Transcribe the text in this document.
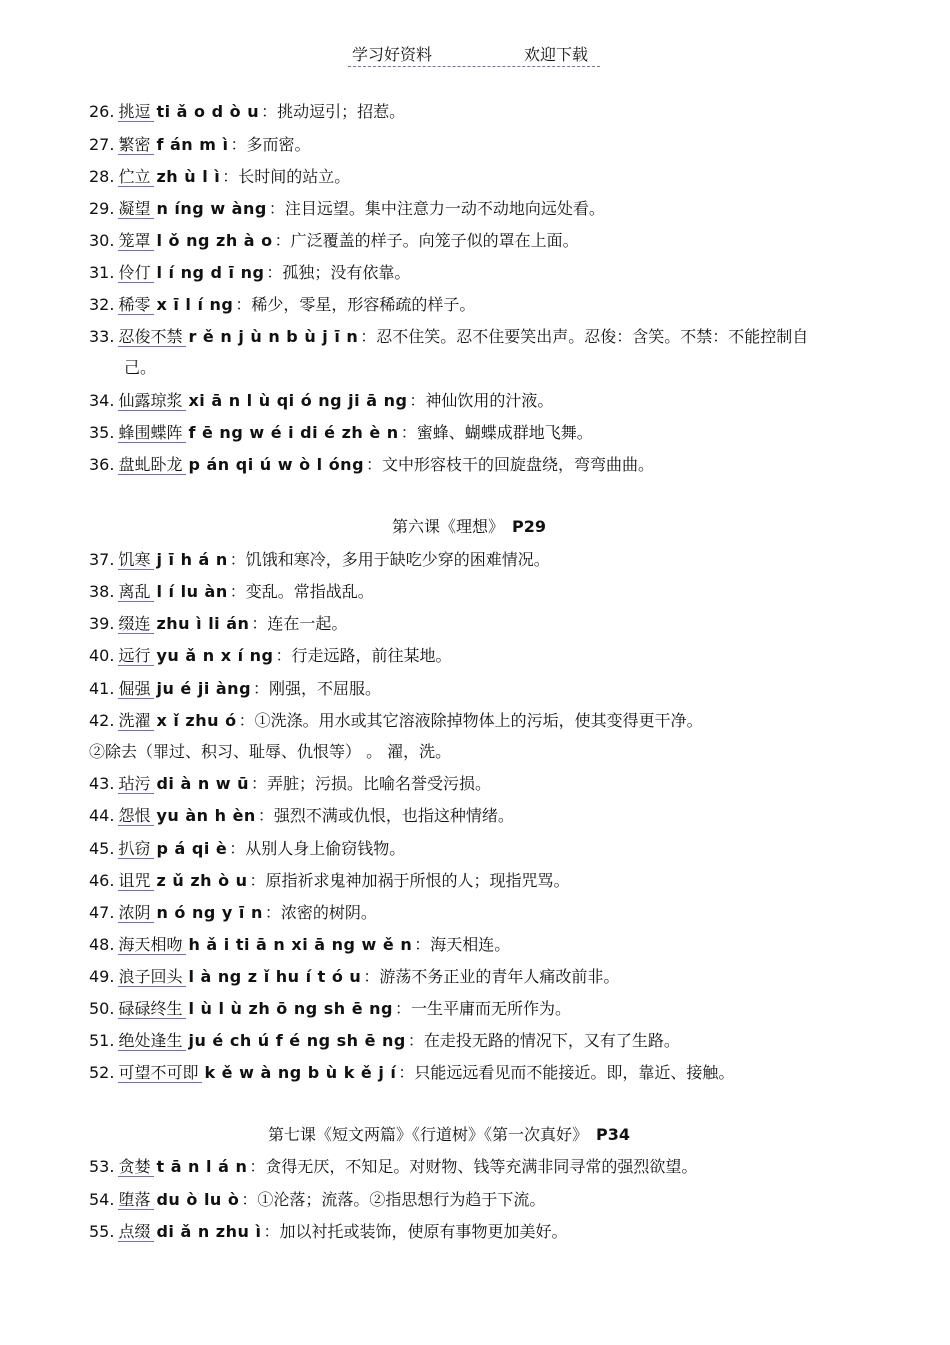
学习好资料	欢迎下载
26. 挑逗 ti ǎ o d ò u ：挑动逗引；招惹。
27. 繁密 f án m ì ：多而密。
28. 伫立 zh ù l ì ：长时间的站立。
29. 凝望 n íng w àng ：注目远望。集中注意力一动不动地向远处看。
30. 笼罩 l ǒ ng zh à o ：广泛覆盖的样子。向笼子似的罩在上面。
31. 伶仃 l í ng d ī ng ：孤独；没有依靠。
32. 稀零 x ī l í ng ：稀少，零星，形容稀疏的样子。
33. 忍俊不禁 r ě n j ù n b ù j ī n ：忍不住笑。忍不住要笑出声。忍俊：含笑。不禁：不能控制自
34. 仙露琼浆 xi ā n l ù qi ó ng ji ā ng ：神仙饮用的汁液。
35. 蜂围蝶阵 f ē ng w é i di é zh è n ：蜜蜂、蝴蝶成群地飞舞。
36. 盘虬卧龙 p án qi ú w ò l óng ：文中形容枝干的回旋盘绕，弯弯曲曲。
37. 饥寒 j ī h á n ：饥饿和寒冷，多用于缺吃少穿的困难情况。
38. 离乱 l í lu àn ：变乱。常指战乱。
39. 缀连 zhu ì li án ：连在一起。
40. 远行 yu ǎ n x í ng ：行走远路，前往某地。
41. 倔强 ju é ji àng ：刚强，不屈服。
42. 洗濯 x ǐ zhu ó ：①洗涤。用水或其它溶液除掉物体上的污垢，使其变得更干净。
43. 玷污 di à n w ū ：弄脏；污损。比喻名誉受污损。
44. 怨恨 yu àn h èn ：强烈不满或仇恨，也指这种情绪。
45. 扒窃 p á qi è ：从别人身上偷窃钱物。
46. 诅咒 z ǔ zh ò u ：原指祈求鬼神加祸于所恨的人；现指咒骂。
47. 浓阴 n ó ng y ī n ：浓密的树阴。
48. 海天相吻 h ǎ i ti ā n xi ā ng w ě n ：海天相连。
49. 浪子回头 l à ng z ǐ hu í t ó u ：游荡不务正业的青年人痛改前非。
50. 碌碌终生 l ù l ù zh ō ng sh ē ng ：一生平庸而无所作为。
51. 绝处逢生 ju é ch ú f é ng sh ē ng ：在走投无路的情况下，又有了生路。
52. 可望不可即 k ě w à ng b ù k ě j í ：只能远远看见而不能接近。即，靠近、接触。
53. 贪婪 t ā n l á n ：贪得无厌，不知足。对财物、钱等充满非同寻常的强烈欲望。
54. 堕落 du ò lu ò ：①沦落；流落。②指思想行为趋于下流。
55. 点缀 di ǎ n zhu ì ：加以衬托或装饰，使原有事物更加美好。
己。
第六课《理想》 P29
②除去（罪过、积习、耻辱、仇恨等） 。 濯，洗。
第七课《短文两篇》《行道树》《第一次真好》 P34
